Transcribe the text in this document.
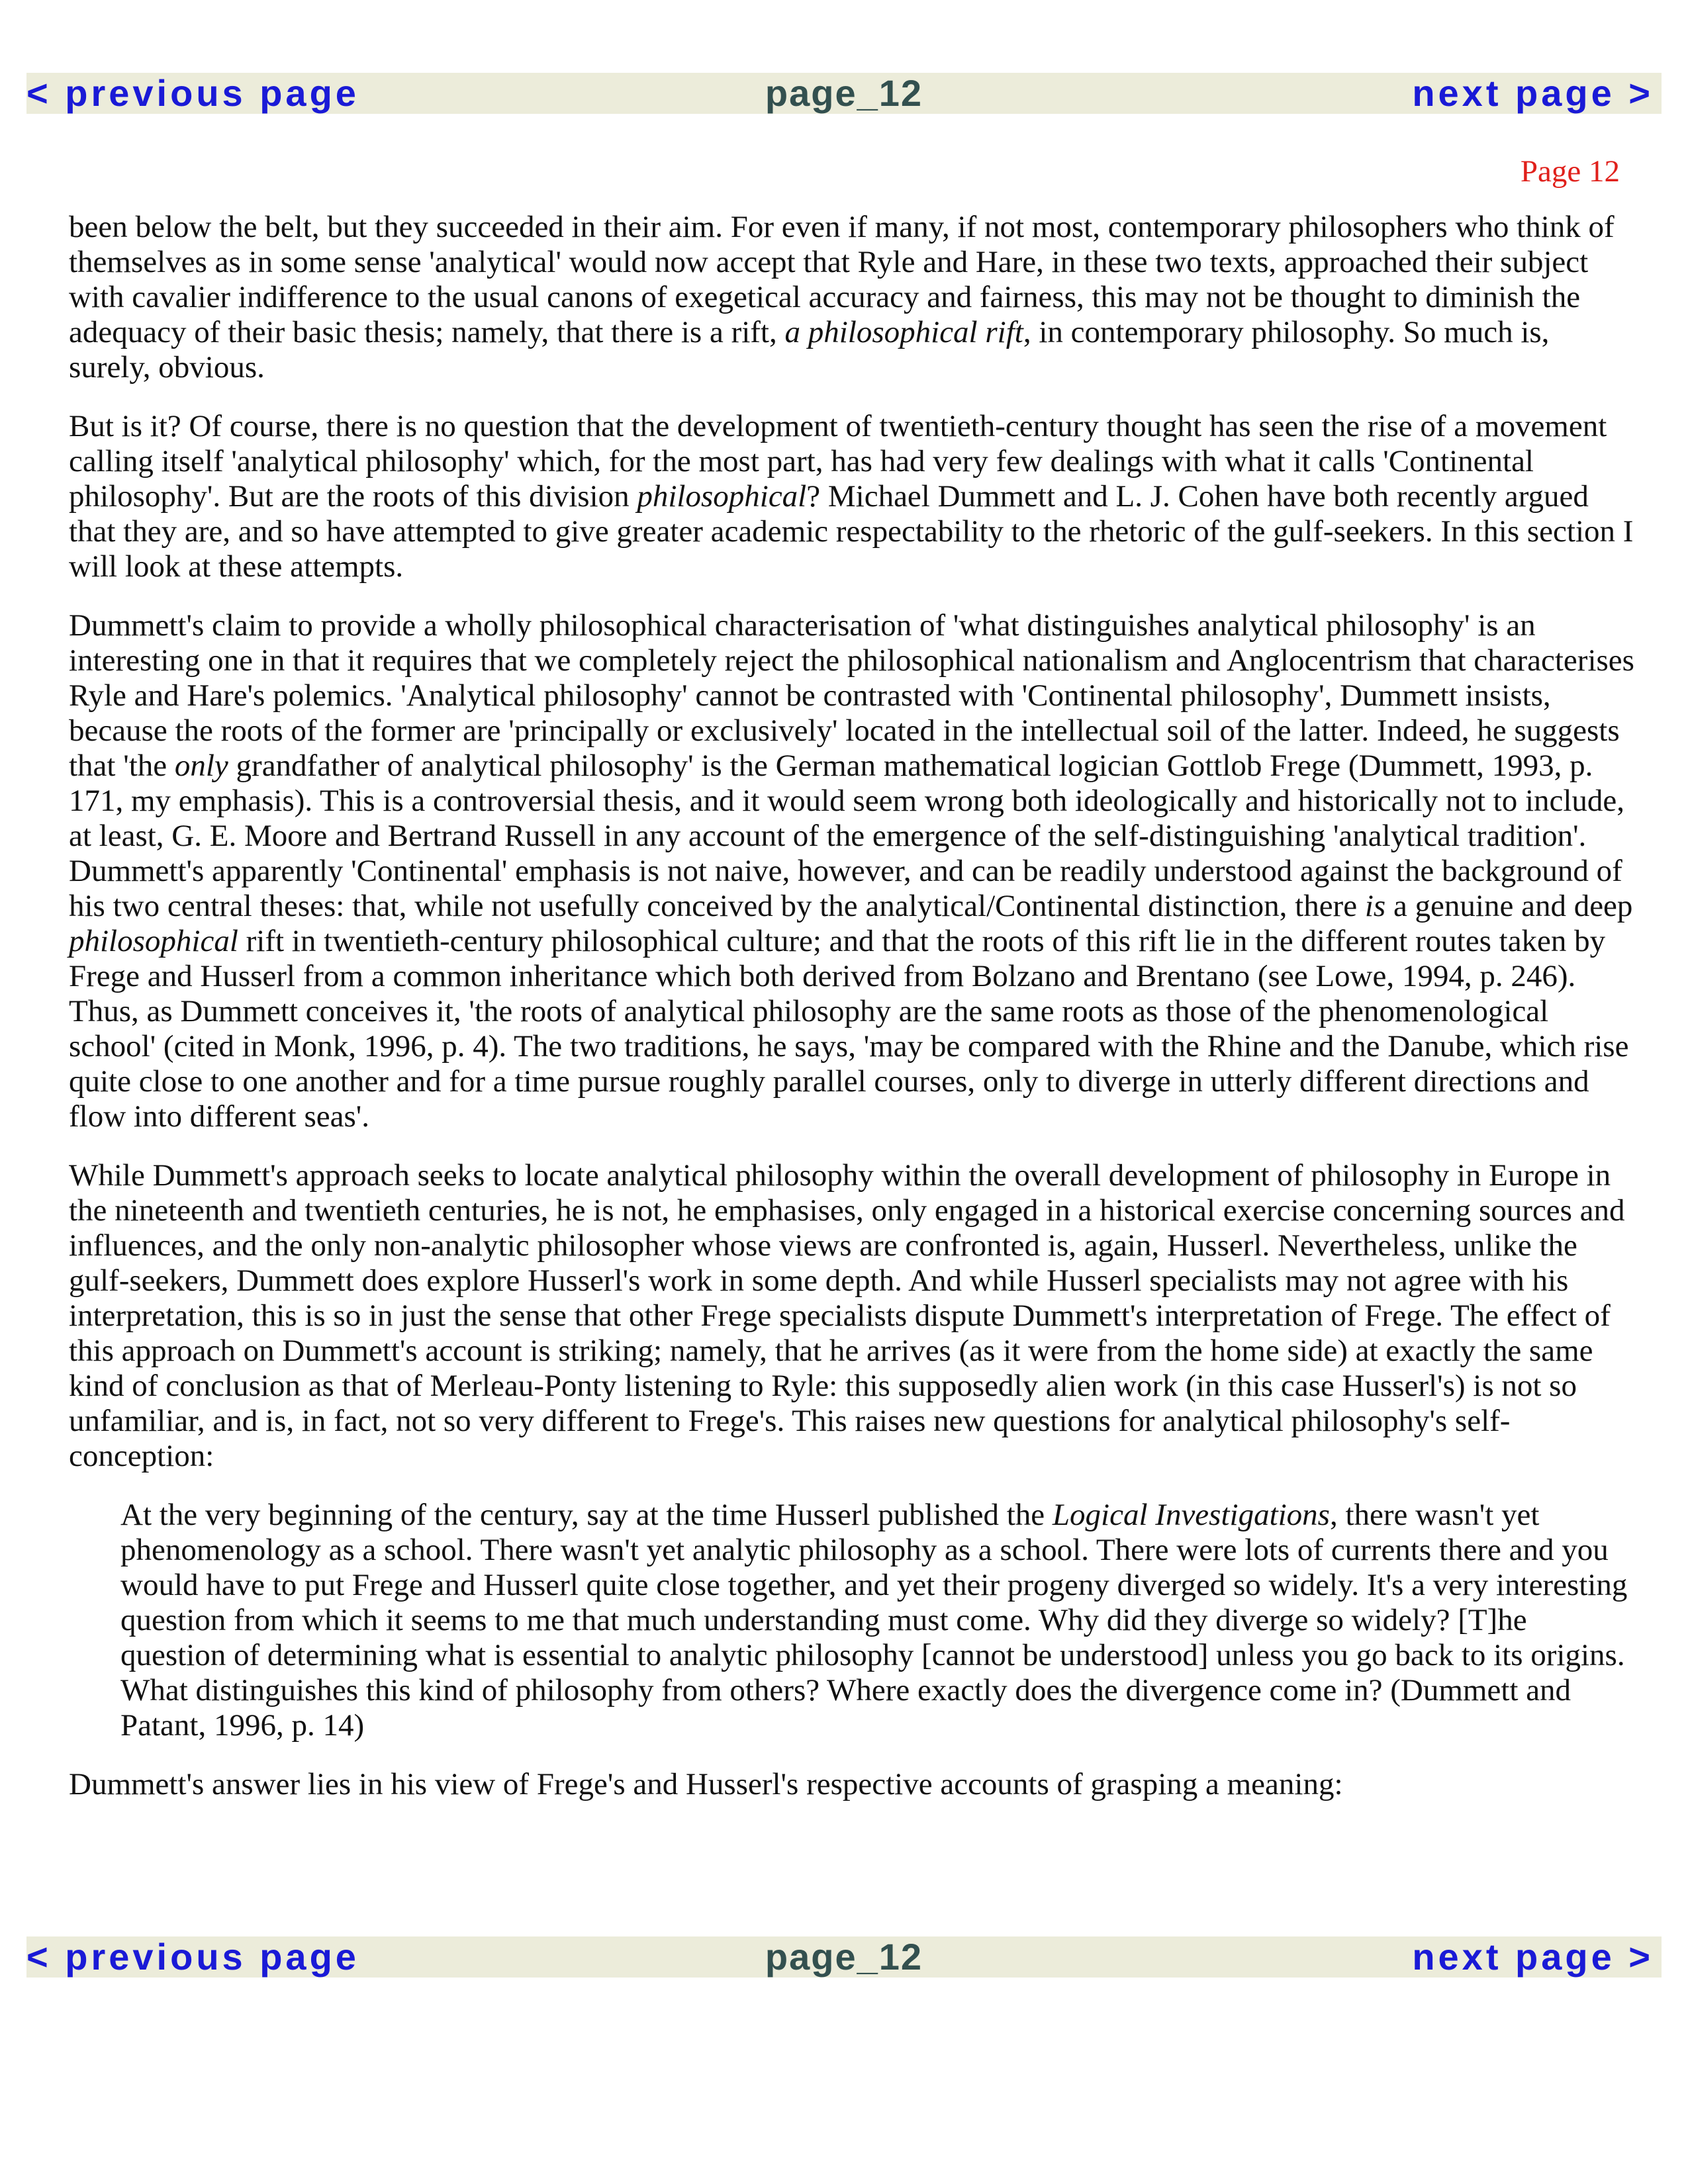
page_12
< previous page	next page >
Page 12

been below the belt, but they succeeded in their aim. For even if many, if not most, contemporary philosophers who think of themselves as in some sense 'analytical' would now accept that Ryle and Hare, in these two texts, approached their subject with cavalier indifference to the usual canons of exegetical accuracy and fairness, this may not be thought to diminish the adequacy of their basic thesis; namely, that there is a rift, a philosophical rift, in contemporary philosophy. So much is, surely, obvious.

But is it? Of course, there is no question that the development of twentieth-century thought has seen the rise of a movement calling itself 'analytical philosophy' which, for the most part, has had very few dealings with what it calls 'Continental philosophy'. But are the roots of this division philosophical? Michael Dummett and L. J. Cohen have both recently argued that they are, and so have attempted to give greater academic respectability to the rhetoric of the gulf-seekers. In this section I will look at these attempts.

Dummett's claim to provide a wholly philosophical characterisation of 'what distinguishes analytical philosophy' is an interesting one in that it requires that we completely reject the philosophical nationalism and Anglocentrism that characterises Ryle and Hare's polemics. 'Analytical philosophy' cannot be contrasted with 'Continental philosophy', Dummett insists, because the roots of the former are 'principally or exclusively' located in the intellectual soil of the latter. Indeed, he suggests that 'the only grandfather of analytical philosophy' is the German mathematical logician Gottlob Frege (Dummett, 1993, p. 171, my emphasis). This is a controversial thesis, and it would seem wrong both ideologically and historically not to include, at least, G. E. Moore and Bertrand Russell in any account of the emergence of the self-distinguishing 'analytical tradition'. Dummett's apparently 'Continental' emphasis is not naive, however, and can be readily understood against the background of his two central theses: that, while not usefully conceived by the analytical/Continental distinction, there is a genuine and deep philosophical rift in twentieth-century philosophical culture; and that the roots of this rift lie in the different routes taken by Frege and Husserl from a common inheritance which both derived from Bolzano and Brentano (see Lowe, 1994, p. 246). Thus, as Dummett conceives it, 'the roots of analytical philosophy are the same roots as those of the phenomenological school' (cited in Monk, 1996, p. 4). The two traditions, he says, 'may be compared with the Rhine and the Danube, which rise quite close to one another and for a time pursue roughly parallel courses, only to diverge in utterly different directions and flow into different seas'.

While Dummett's approach seeks to locate analytical philosophy within the overall development of philosophy in Europe in the nineteenth and twentieth centuries, he is not, he emphasises, only engaged in a historical exercise concerning sources and influences, and the only non-analytic philosopher whose views are confronted is, again, Husserl. Nevertheless, unlike the gulf-seekers, Dummett does explore Husserl's work in some depth. And while Husserl specialists may not agree with his interpretation, this is so in just the sense that other Frege specialists dispute Dummett's interpretation of Frege. The effect of this approach on Dummett's account is striking; namely, that he arrives (as it were from the home side) at exactly the same kind of conclusion as that of Merleau-Ponty listening to Ryle: this supposedly alien work (in this case Husserl's) is not so unfamiliar, and is, in fact, not so very different to Frege's. This raises new questions for analytical philosophy's self-conception:

At the very beginning of the century, say at the time Husserl published the Logical Investigations, there wasn't yet phenomenology as a school. There wasn't yet analytic philosophy as a school. There were lots of currents there and you would have to put Frege and Husserl quite close together, and yet their progeny diverged so widely. It's a very interesting question from which it seems to me that much understanding must come. Why did they diverge so widely? [T]he question of determining what is essential to analytic philosophy [cannot be understood] unless you go back to its origins. What distinguishes this kind of philosophy from others? Where exactly does the divergence come in? (Dummett and Patant, 1996, p. 14)

Dummett's answer lies in his view of Frege's and Husserl's respective accounts of grasping a meaning:

page_12
< previous page	next page >
